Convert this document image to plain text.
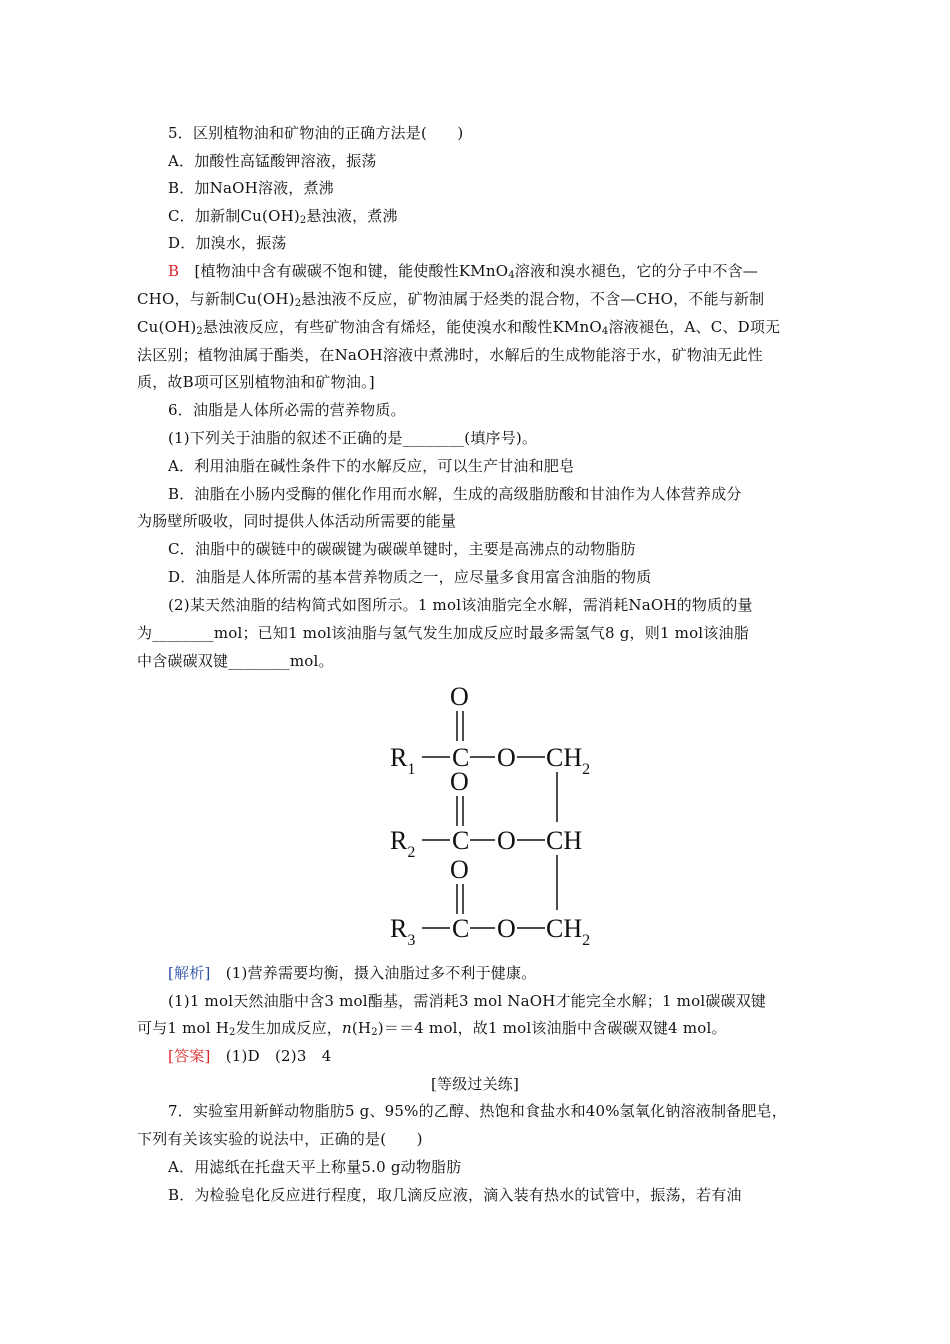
5．区别植物油和矿物油的正确方法是(　　)
A．加酸性高锰酸钾溶液，振荡
B．加NaOH溶液，煮沸
C．加新制$Cu(OH)_2$悬浊液，煮沸
D．加溴水，振荡
B　 [植物油中含有碳碳不饱和键，能使酸性KMnO$_4$溶液和溴水褪色，它的分子中不含—
CHO，与新制$Cu(OH)_2$悬浊液不反应，矿物油属于烃类的混合物，不含—CHO，不能与新制
$Cu(OH)_2$悬浊液反应，有些矿物油含有烯烃，能使溴水和酸性KMnO$_4$溶液褪色，A、C、D项无
法区别；植物油属于酯类，在NaOH溶液中煮沸时，水解后的生成物能溶于水，矿物油无此性
质，故B项可区别植物油和矿物油。]
6．油脂是人体所必需的营养物质。
(1)下列关于油脂的叙述不正确的是________(填序号)。
A．利用油脂在碱性条件下的水解反应，可以生产甘油和肥皂
B．油脂在小肠内受酶的催化作用而水解，生成的高级脂肪酸和甘油作为人体营养成分
为肠壁所吸收，同时提供人体活动所需要的能量
C．油脂中的碳链中的碳碳键为碳碳单键时，主要是高沸点的动物脂肪
D．油脂是人体所需的基本营养物质之一，应尽量多食用富含油脂的物质
(2)某天然油脂的结构简式如图所示。1 mol该油脂完全水解，需消耗NaOH的物质的量
为________mol；已知1 mol该油脂与氢气发生加成反应时最多需氢气8 g，则1 mol该油脂
中含碳碳双键________mol。
O
$R_1$ C O $CH_2$
O
$R_2$ C O CH
O
$R_3$ C O $CH_2$
[解析]　 (1)营养需要均衡，摄入油脂过多不利于健康。
(1)1 mol天然油脂中含3 mol酯基，需消耗3 mol NaOH才能完全水解；1 mol碳碳双键
可与1 mol $H_2$发生加成反应，$n(H_2)==4$ mol，故1 mol该油脂中含碳碳双键4 mol。
[答案]　 (1)D　(2)3　4
[等级过关练]
7．实验室用新鲜动物脂肪5 g、95%的乙醇、热饱和食盐水和40%氢氧化钠溶液制备肥皂，
下列有关该实验的说法中，正确的是(　　)
A．用滤纸在托盘天平上称量5.0 g动物脂肪
B．为检验皂化反应进行程度，取几滴反应液，滴入装有热水的试管中，振荡，若有油
